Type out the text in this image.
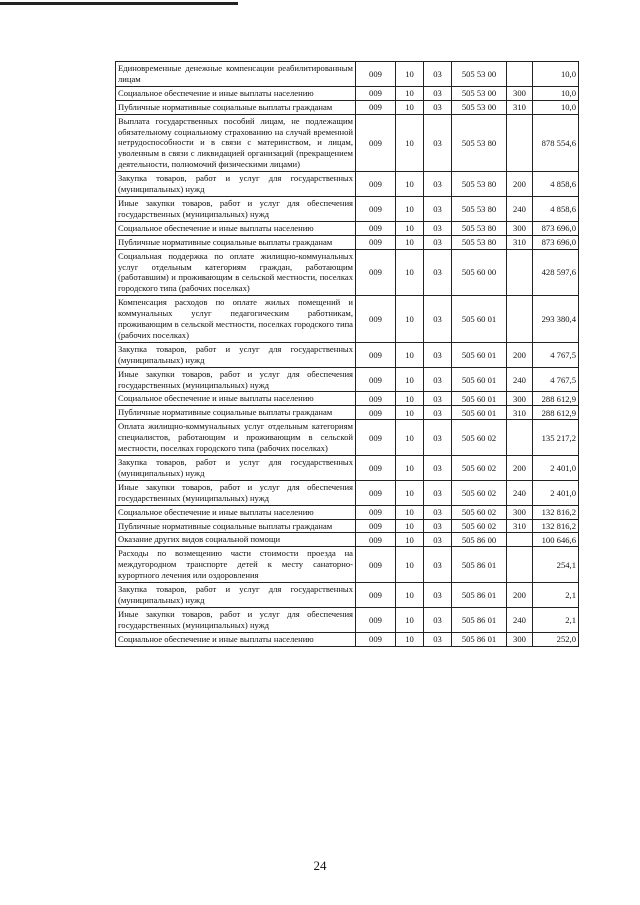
Единовременные денежные компенсации реабилитированным лицам	009	10	03	505 53 00		10,0
Социальное обеспечение и иные выплаты населению	009	10	03	505 53 00	300	10,0
Публичные нормативные социальные выплаты гражданам	009	10	03	505 53 00	310	10,0
Выплата государственных пособий лицам, не подлежащим обязательному социальному страхованию на случай временной нетрудоспособности и в связи с материнством, и лицам, уволенным в связи с ликвидацией организаций (прекращением деятельности, полномочий физическими лицами)	009	10	03	505 53 80		878 554,6
Закупка товаров, работ и услуг для государственных (муниципальных) нужд	009	10	03	505 53 80	200	4 858,6
Иные закупки товаров, работ и услуг для обеспечения государственных (муниципальных) нужд	009	10	03	505 53 80	240	4 858,6
Социальное обеспечение и иные выплаты населению	009	10	03	505 53 80	300	873 696,0
Публичные нормативные социальные выплаты гражданам	009	10	03	505 53 80	310	873 696,0
Социальная поддержка по оплате жилищно-коммунальных услуг отдельным категориям граждан, работающим (работавшим) и проживающим в сельской местности, поселках городского типа (рабочих поселках)	009	10	03	505 60 00		428 597,6
Компенсация расходов по оплате жилых помещений и коммунальных услуг педагогическим работникам, проживающим в сельской местности, поселках городского типа (рабочих поселках)	009	10	03	505 60 01		293 380,4
Закупка товаров, работ и услуг для государственных (муниципальных) нужд	009	10	03	505 60 01	200	4 767,5
Иные закупки товаров, работ и услуг для обеспечения государственных (муниципальных) нужд	009	10	03	505 60 01	240	4 767,5
Социальное обеспечение и иные выплаты населению	009	10	03	505 60 01	300	288 612,9
Публичные нормативные социальные выплаты гражданам	009	10	03	505 60 01	310	288 612,9
Оплата жилищно-коммунальных услуг отдельным категориям специалистов, работающим и проживающим в сельской местности, поселках городского типа (рабочих поселках)	009	10	03	505 60 02		135 217,2
Закупка товаров, работ и услуг для государственных (муниципальных) нужд	009	10	03	505 60 02	200	2 401,0
Иные закупки товаров, работ и услуг для обеспечения государственных (муниципальных) нужд	009	10	03	505 60 02	240	2 401,0
Социальное обеспечение и иные выплаты населению	009	10	03	505 60 02	300	132 816,2
Публичные нормативные социальные выплаты гражданам	009	10	03	505 60 02	310	132 816,2
Оказание других видов социальной помощи	009	10	03	505 86 00		100 646,6
Расходы по возмещению части стоимости проезда на междугородном транспорте детей к месту санаторно-курортного лечения или оздоровления	009	10	03	505 86 01		254,1
Закупка товаров, работ и услуг для государственных (муниципальных) нужд	009	10	03	505 86 01	200	2,1
Иные закупки товаров, работ и услуг для обеспечения государственных (муниципальных) нужд	009	10	03	505 86 01	240	2,1
Социальное обеспечение и иные выплаты населению	009	10	03	505 86 01	300	252,0
24
